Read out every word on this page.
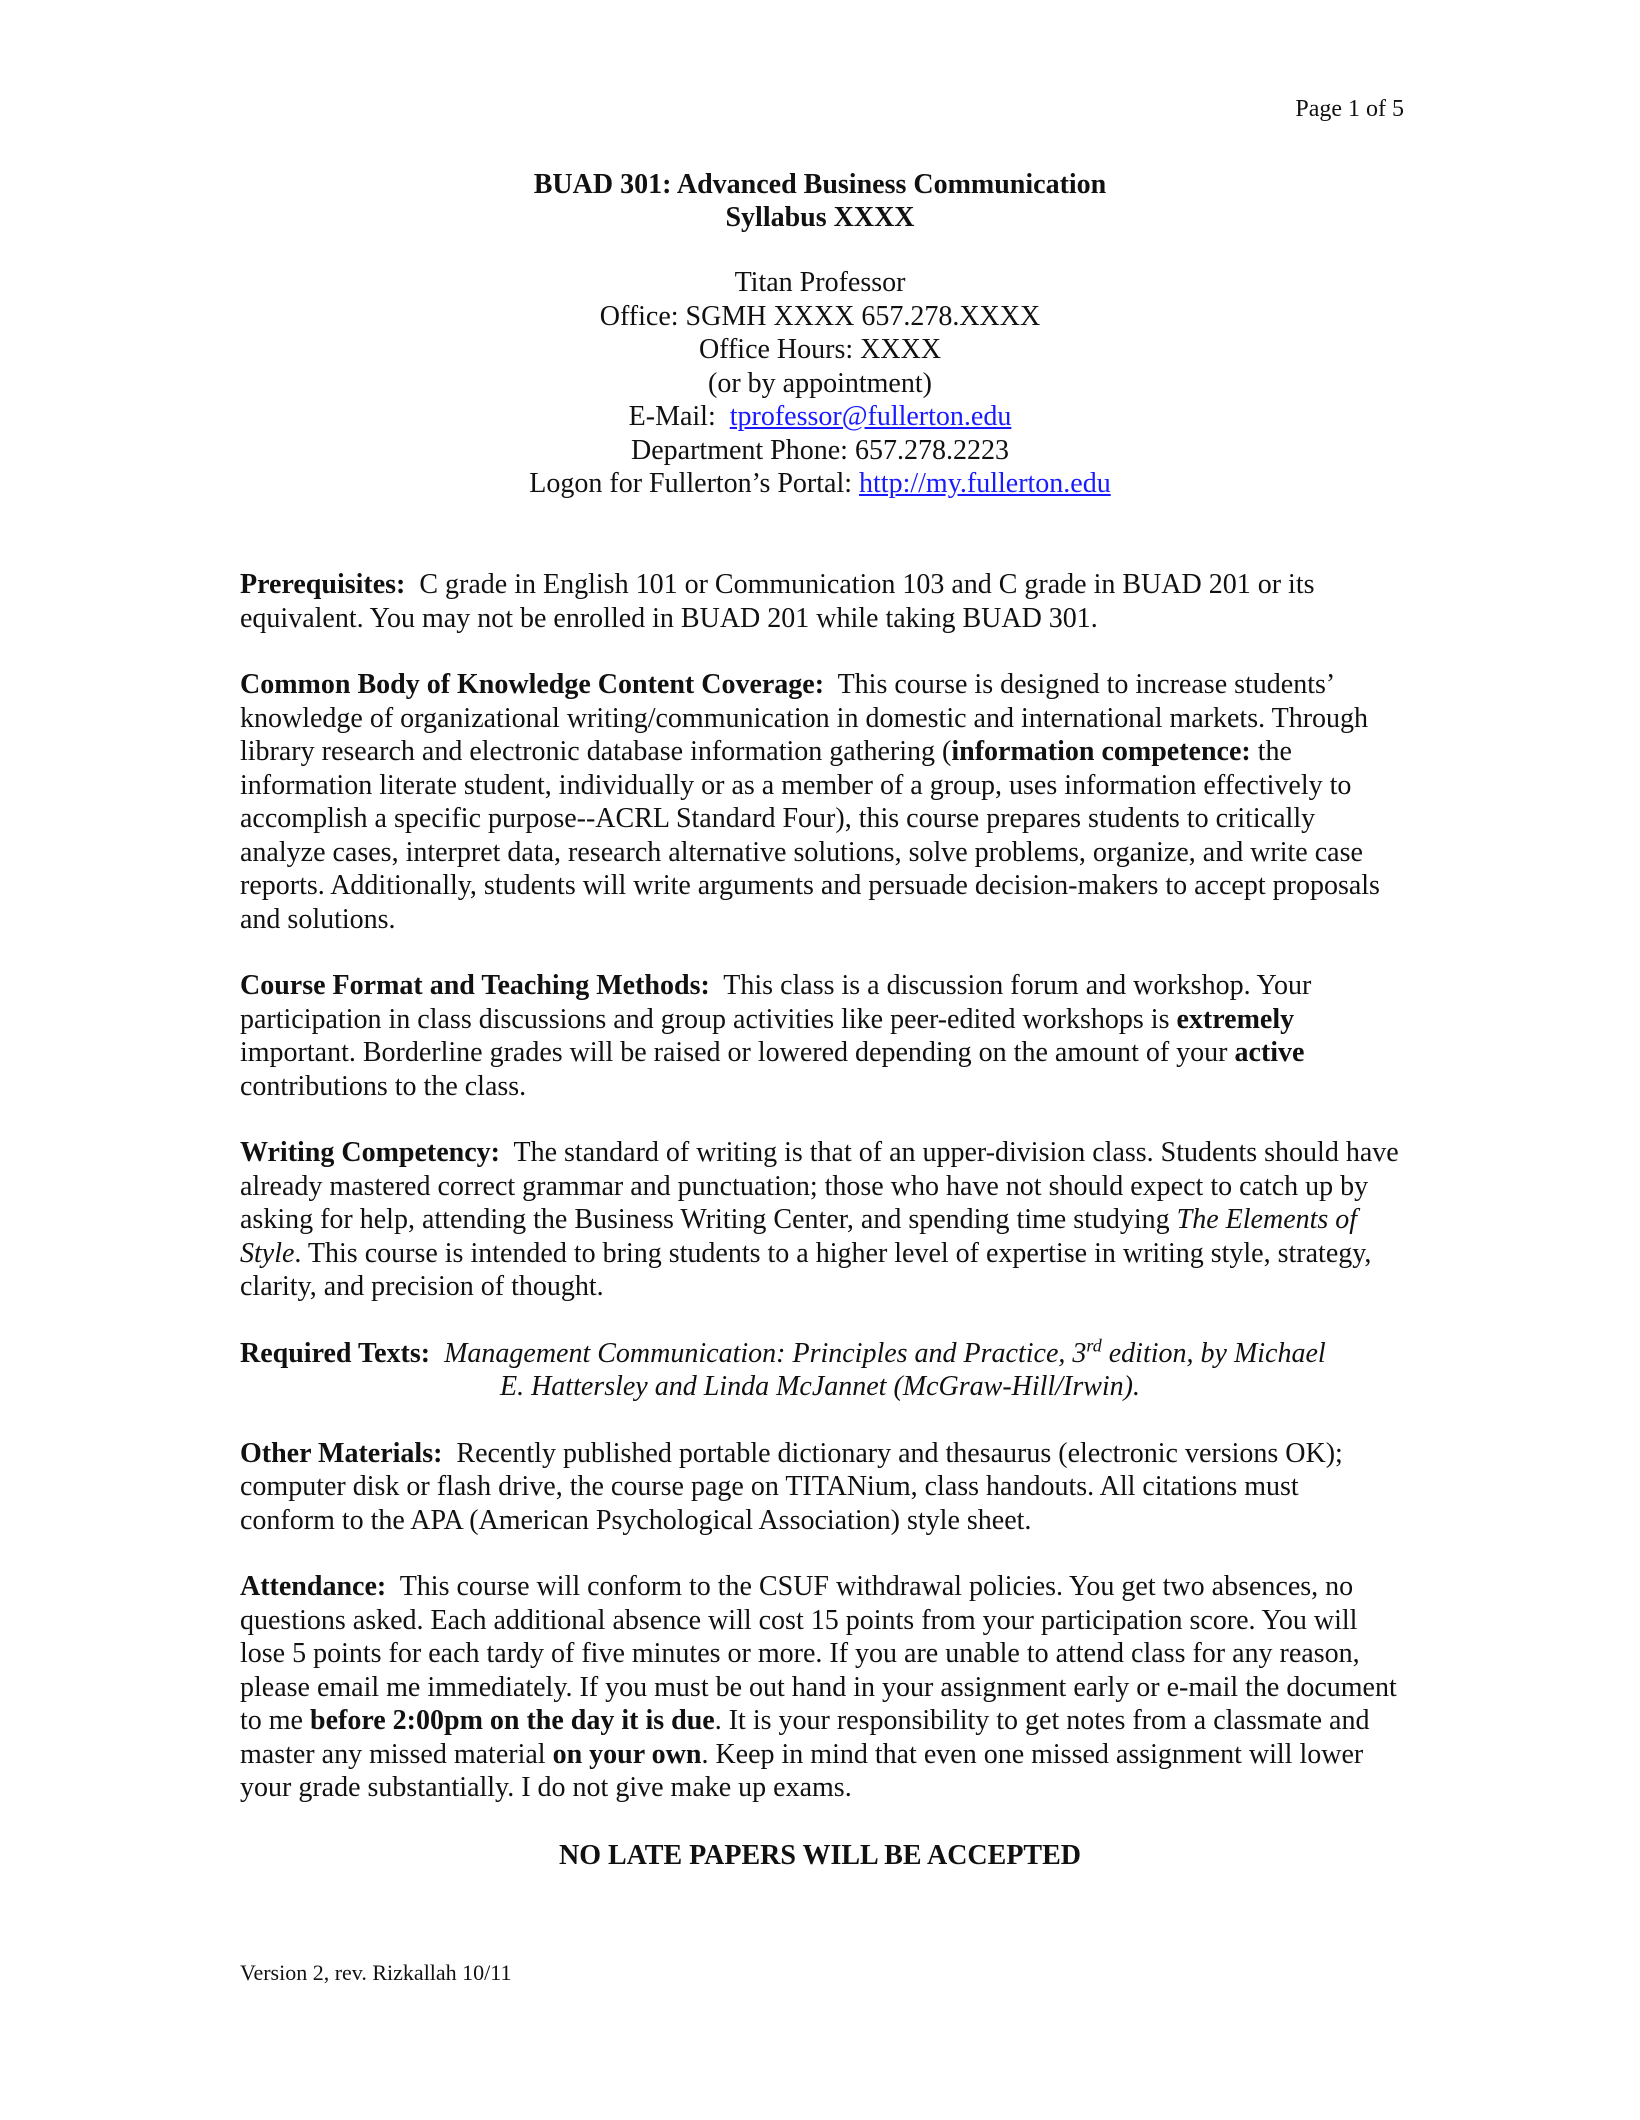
Page 1 of 5
BUAD 301: Advanced Business Communication
Syllabus XXXX
Titan Professor
Office: SGMH XXXX 657.278.XXXX
Office Hours: XXXX
(or by appointment)
E-Mail: tprofessor@fullerton.edu
Department Phone: 657.278.2223
Logon for Fullerton’s Portal: http://my.fullerton.edu

Prerequisites: C grade in English 101 or Communication 103 and C grade in BUAD 201 or its equivalent. You may not be enrolled in BUAD 201 while taking BUAD 301.

Common Body of Knowledge Content Coverage: This course is designed to increase students’ knowledge of organizational writing/communication in domestic and international markets. Through library research and electronic database information gathering (information competence: the information literate student, individually or as a member of a group, uses information effectively to accomplish a specific purpose--ACRL Standard Four), this course prepares students to critically analyze cases, interpret data, research alternative solutions, solve problems, organize, and write case reports. Additionally, students will write arguments and persuade decision-makers to accept proposals and solutions.

Course Format and Teaching Methods: This class is a discussion forum and workshop. Your participation in class discussions and group activities like peer-edited workshops is extremely important. Borderline grades will be raised or lowered depending on the amount of your active contributions to the class.

Writing Competency: The standard of writing is that of an upper-division class. Students should have already mastered correct grammar and punctuation; those who have not should expect to catch up by asking for help, attending the Business Writing Center, and spending time studying The Elements of Style. This course is intended to bring students to a higher level of expertise in writing style, strategy, clarity, and precision of thought.

Required Texts: Management Communication: Principles and Practice, 3rd edition, by Michael
E. Hattersley and Linda McJannet (McGraw-Hill/Irwin).

Other Materials: Recently published portable dictionary and thesaurus (electronic versions OK); computer disk or flash drive, the course page on TITANium, class handouts. All citations must conform to the APA (American Psychological Association) style sheet.

Attendance: This course will conform to the CSUF withdrawal policies. You get two absences, no questions asked. Each additional absence will cost 15 points from your participation score. You will lose 5 points for each tardy of five minutes or more. If you are unable to attend class for any reason, please email me immediately. If you must be out hand in your assignment early or e-mail the document to me before 2:00pm on the day it is due. It is your responsibility to get notes from a classmate and master any missed material on your own. Keep in mind that even one missed assignment will lower your grade substantially. I do not give make up exams.

NO LATE PAPERS WILL BE ACCEPTED
Version 2, rev. Rizkallah 10/11
